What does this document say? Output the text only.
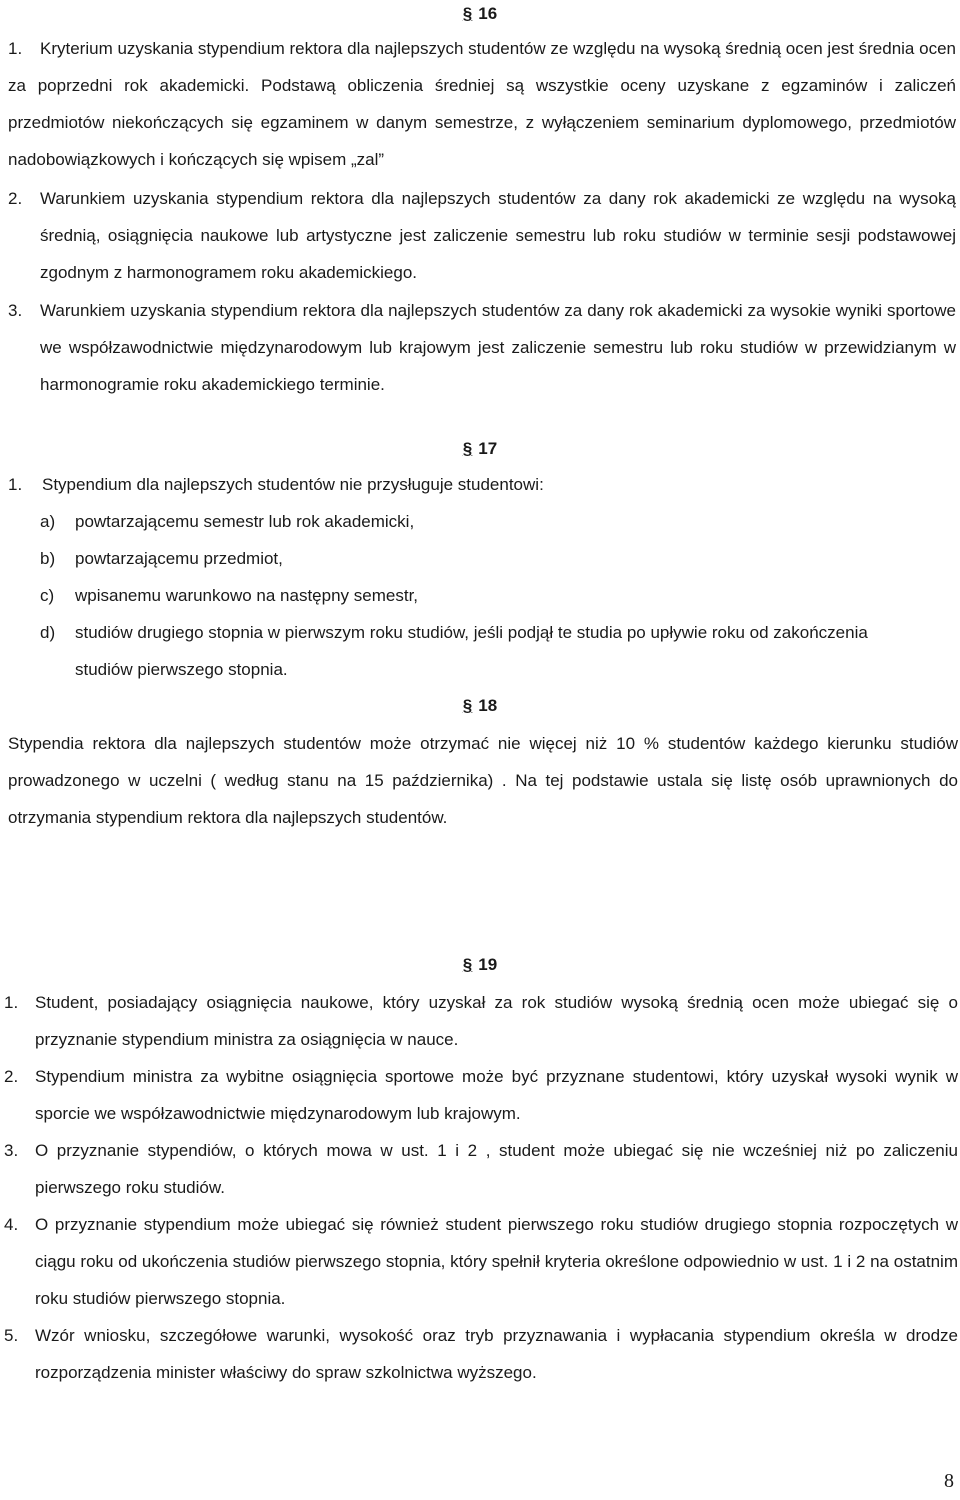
§ 16
1.	Kryterium uzyskania stypendium rektora dla najlepszych studentów ze względu na wysoką średnią ocen jest średnia ocen za poprzedni rok akademicki. Podstawą obliczenia średniej są wszystkie oceny uzyskane z egzaminów i zaliczeń przedmiotów niekończących się egzaminem w danym semestrze, z wyłączeniem seminarium dyplomowego, przedmiotów nadobowiązkowych i kończących się wpisem „zal”
2.	Warunkiem uzyskania stypendium rektora dla najlepszych studentów za dany rok akademicki ze względu na wysoką średnią, osiągnięcia naukowe lub artystyczne jest zaliczenie semestru lub roku studiów w terminie sesji podstawowej zgodnym z harmonogramem roku akademickiego.
3.	Warunkiem uzyskania stypendium rektora dla najlepszych studentów za dany rok akademicki za wysokie wyniki sportowe we współzawodnictwie międzynarodowym lub krajowym jest zaliczenie semestru lub roku studiów w przewidzianym w harmonogramie roku akademickiego terminie.
§ 17
1.	Stypendium dla najlepszych studentów nie przysługuje studentowi:
a)	powtarzającemu semestr lub rok akademicki,
b)	powtarzającemu przedmiot,
c)	wpisanemu warunkowo na następny semestr,
d)	studiów drugiego stopnia w pierwszym roku studiów, jeśli podjął te studia po upływie roku od zakończenia studiów pierwszego stopnia.
§ 18
Stypendia rektora dla najlepszych studentów może otrzymać nie więcej niż 10 % studentów każdego kierunku studiów prowadzonego w uczelni ( według stanu na 15 października) . Na tej podstawie ustala się listę osób uprawnionych do otrzymania stypendium rektora dla najlepszych studentów.
§ 19
1. Student, posiadający osiągnięcia naukowe, który uzyskał za rok studiów wysoką średnią ocen może ubiegać się o przyznanie stypendium ministra za osiągnięcia w nauce.
2. Stypendium ministra za wybitne osiągnięcia sportowe może być przyznane studentowi, który uzyskał wysoki wynik w sporcie we współzawodnictwie międzynarodowym lub krajowym.
3. O przyznanie stypendiów, o których mowa w ust. 1 i 2 , student może ubiegać się nie wcześniej niż po zaliczeniu pierwszego roku studiów.
4. O przyznanie stypendium może ubiegać się również student pierwszego roku studiów drugiego stopnia rozpoczętych w ciągu roku od ukończenia studiów pierwszego stopnia, który spełnił kryteria określone odpowiednio w ust. 1 i 2 na ostatnim roku studiów pierwszego stopnia.
5. Wzór wniosku, szczegółowe warunki, wysokość oraz tryb przyznawania i wypłacania stypendium określa w drodze rozporządzenia minister właściwy do spraw szkolnictwa wyższego.
8
